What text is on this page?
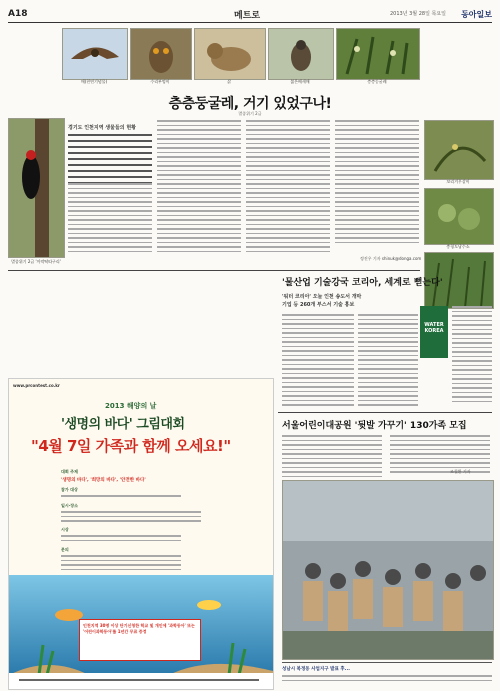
A18	메트로	2013년 3월 28일 목요일 동아일보
매(천연기념물)	수리부엉이	삵	붉은배새매	층층둥굴레
층층둥굴레, 거기 있었구나!
멸종위기 2급
멸종위기 2급 '까막딱따구리'
경기도 인천지역 생물들의 현황
정진우 기자 shinuk@donga.com
꼬리겨우살이
충청도남수소
www.prcontest.co.kr
2013 해양의 날
'생명의 바다' 그림대회
"4월 7일 가족과 함께 오세요!"
대회 주제
'생명의 바다', '희망의 바다', '안전한 바다'
참가 대상
일시·장소
시상
문의
인천지역 30명 이상 단기신청한 학교 및 개인에 '과학동아' 또는 '어린이과학동아'를 1년간 무료 증정
'물산업 기술강국 코리아, 세계로 뻗는다'
'워터 코리아' 오늘 인천 송도서 개막
기업 등 260개 부스서 기술 홍보
WATER KOREA
서울어린이대공원 '뒷발 가꾸기' 130가족 모집
조철환 기자
성남시 복정동 사업지구 발표 후...
